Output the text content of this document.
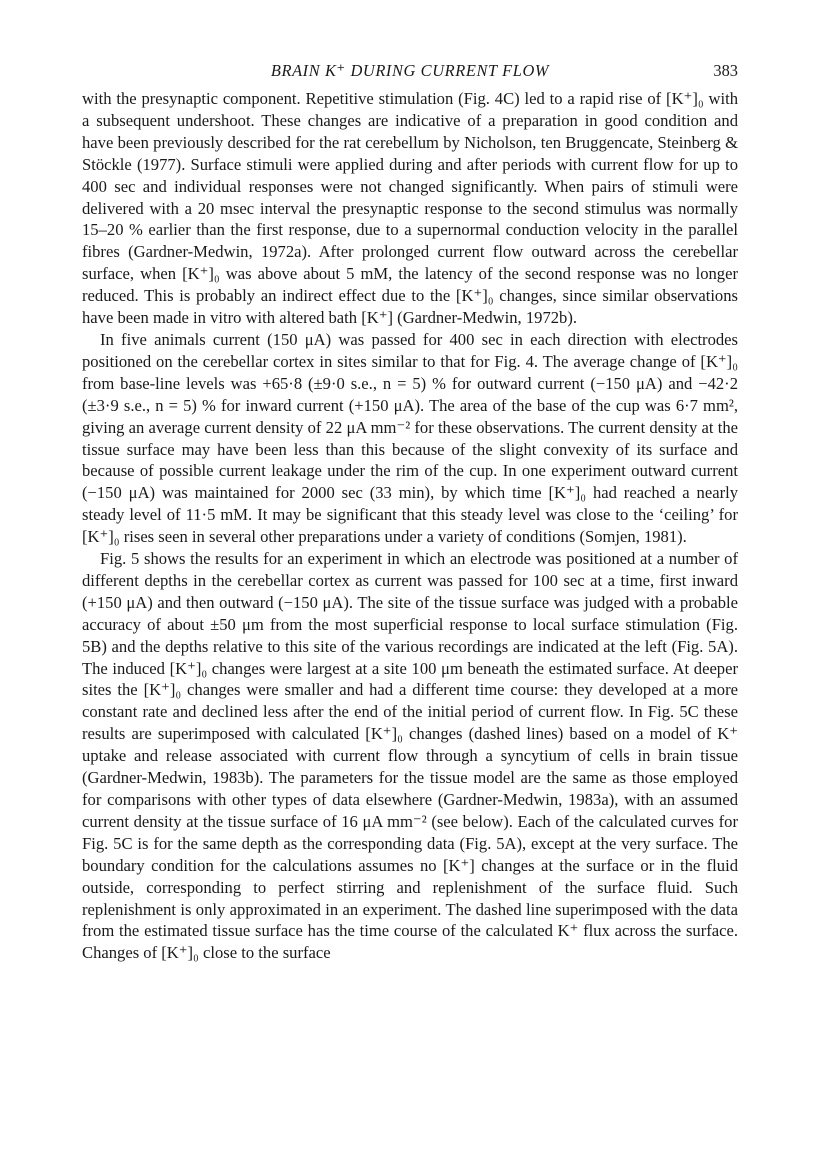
BRAIN K⁺ DURING CURRENT FLOW	383

with the presynaptic component. Repetitive stimulation (Fig. 4C) led to a rapid rise of [K⁺]₀ with a subsequent undershoot. These changes are indicative of a preparation in good condition and have been previously described for the rat cerebellum by Nicholson, ten Bruggencate, Steinberg & Stöckle (1977). Surface stimuli were applied during and after periods with current flow for up to 400 sec and individual responses were not changed significantly. When pairs of stimuli were delivered with a 20 msec interval the presynaptic response to the second stimulus was normally 15–20 % earlier than the first response, due to a supernormal conduction velocity in the parallel fibres (Gardner-Medwin, 1972a). After prolonged current flow outward across the cerebellar surface, when [K⁺]₀ was above about 5 mM, the latency of the second response was no longer reduced. This is probably an indirect effect due to the [K⁺]₀ changes, since similar observations have been made in vitro with altered bath [K⁺] (Gardner-Medwin, 1972b).

In five animals current (150 μA) was passed for 400 sec in each direction with electrodes positioned on the cerebellar cortex in sites similar to that for Fig. 4. The average change of [K⁺]₀ from base-line levels was +65·8 (±9·0 s.e., n = 5) % for outward current (−150 μA) and −42·2 (±3·9 s.e., n = 5) % for inward current (+150 μA). The area of the base of the cup was 6·7 mm², giving an average current density of 22 μA mm⁻² for these observations. The current density at the tissue surface may have been less than this because of the slight convexity of its surface and because of possible current leakage under the rim of the cup. In one experiment outward current (−150 μA) was maintained for 2000 sec (33 min), by which time [K⁺]₀ had reached a nearly steady level of 11·5 mM. It may be significant that this steady level was close to the ‘ceiling’ for [K⁺]₀ rises seen in several other preparations under a variety of conditions (Somjen, 1981).

Fig. 5 shows the results for an experiment in which an electrode was positioned at a number of different depths in the cerebellar cortex as current was passed for 100 sec at a time, first inward (+150 μA) and then outward (−150 μA). The site of the tissue surface was judged with a probable accuracy of about ±50 μm from the most superficial response to local surface stimulation (Fig. 5B) and the depths relative to this site of the various recordings are indicated at the left (Fig. 5A). The induced [K⁺]₀ changes were largest at a site 100 μm beneath the estimated surface. At deeper sites the [K⁺]₀ changes were smaller and had a different time course: they developed at a more constant rate and declined less after the end of the initial period of current flow. In Fig. 5C these results are superimposed with calculated [K⁺]₀ changes (dashed lines) based on a model of K⁺ uptake and release associated with current flow through a syncytium of cells in brain tissue (Gardner-Medwin, 1983b). The parameters for the tissue model are the same as those employed for comparisons with other types of data elsewhere (Gardner-Medwin, 1983a), with an assumed current density at the tissue surface of 16 μA mm⁻² (see below). Each of the calculated curves for Fig. 5C is for the same depth as the corresponding data (Fig. 5A), except at the very surface. The boundary condition for the calculations assumes no [K⁺] changes at the surface or in the fluid outside, corresponding to perfect stirring and replenishment of the surface fluid. Such replenishment is only approximated in an experiment. The dashed line superimposed with the data from the estimated tissue surface has the time course of the calculated K⁺ flux across the surface. Changes of [K⁺]₀ close to the surface
